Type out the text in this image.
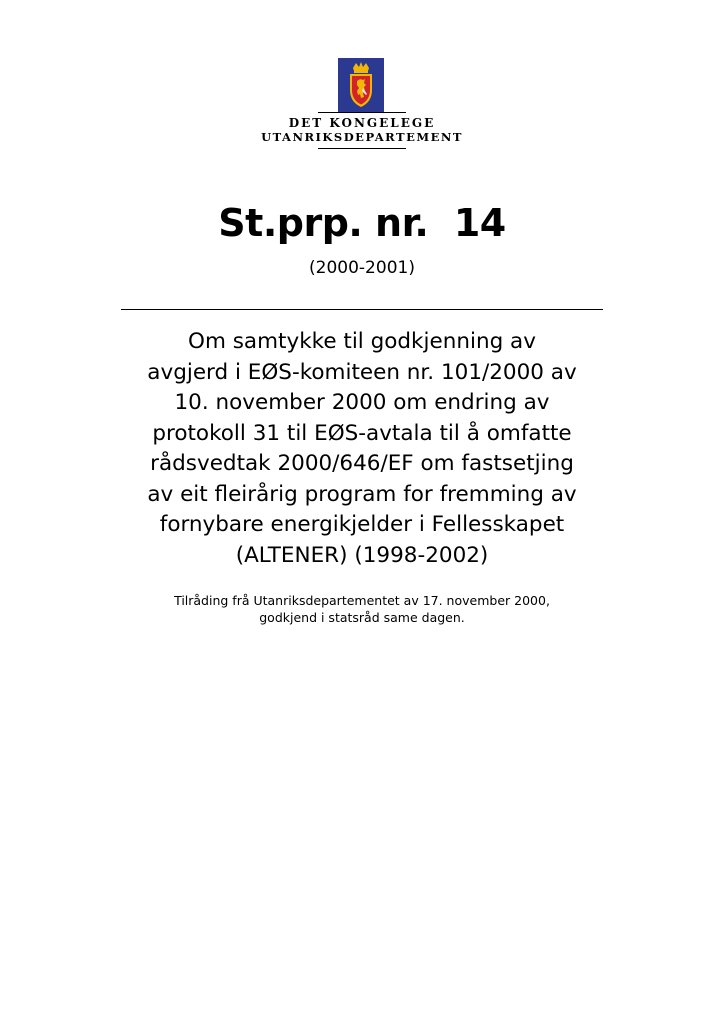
DET KONGELEGE
UTANRIKSDEPARTEMENT
St.prp. nr.  14
(2000-2001)
Om samtykke til godkjenning av
avgjerd i EØS-komiteen nr. 101/2000 av
10. november 2000 om endring av
protokoll 31 til EØS-avtala til å omfatte
rådsvedtak 2000/646/EF om fastsetjing
av eit fleirårig program for fremming av
fornybare energikjelder i Fellesskapet
(ALTENER) (1998-2002)
Tilråding frå Utanriksdepartementet av 17. november 2000,
godkjend i statsråd same dagen.
